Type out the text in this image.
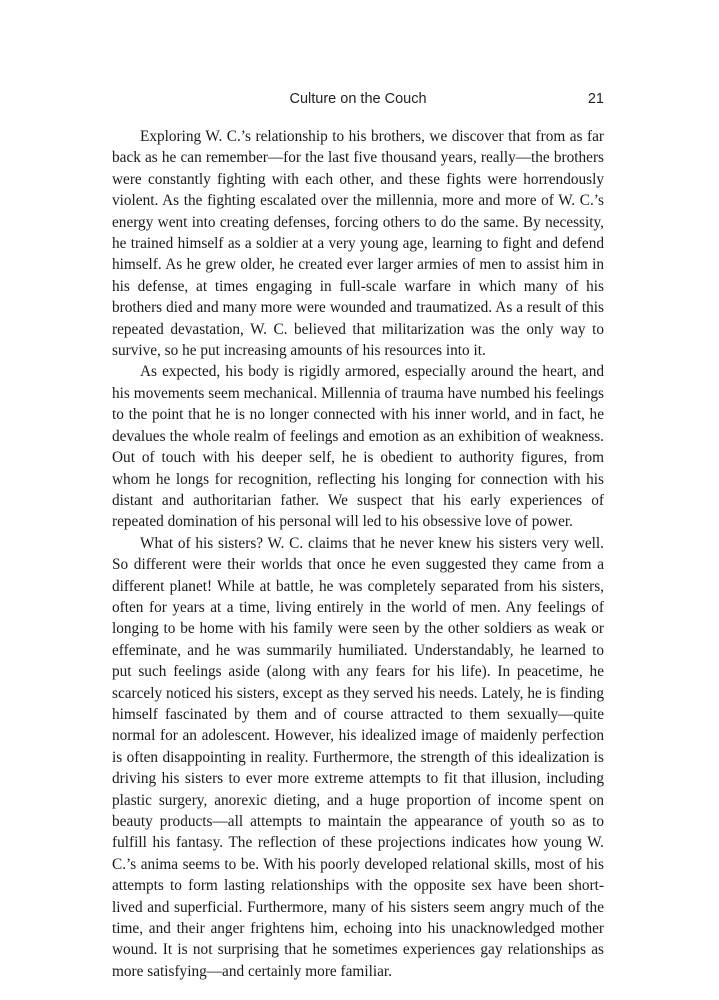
Culture on the Couch	21

Exploring W. C.’s relationship to his brothers, we discover that from as far back as he can remember—for the last five thousand years, really—the brothers were constantly fighting with each other, and these fights were horrendously violent. As the fighting escalated over the millennia, more and more of W. C.’s energy went into creating defenses, forcing others to do the same. By necessity, he trained himself as a soldier at a very young age, learning to fight and defend himself. As he grew older, he created ever larger armies of men to assist him in his defense, at times engaging in full-scale warfare in which many of his brothers died and many more were wounded and traumatized. As a result of this repeated devastation, W. C. believed that militarization was the only way to survive, so he put increasing amounts of his resources into it.

As expected, his body is rigidly armored, especially around the heart, and his movements seem mechanical. Millennia of trauma have numbed his feelings to the point that he is no longer connected with his inner world, and in fact, he devalues the whole realm of feelings and emotion as an exhibition of weakness. Out of touch with his deeper self, he is obedient to authority figures, from whom he longs for recognition, reflecting his longing for connection with his distant and authoritarian father. We suspect that his early experiences of repeated domination of his personal will led to his obsessive love of power.

What of his sisters? W. C. claims that he never knew his sisters very well. So different were their worlds that once he even suggested they came from a different planet! While at battle, he was completely separated from his sisters, often for years at a time, living entirely in the world of men. Any feelings of longing to be home with his family were seen by the other soldiers as weak or effeminate, and he was summarily humiliated. Understandably, he learned to put such feelings aside (along with any fears for his life). In peacetime, he scarcely noticed his sisters, except as they served his needs. Lately, he is finding himself fascinated by them and of course attracted to them sexually—quite normal for an adolescent. However, his idealized image of maidenly perfection is often disappointing in reality. Furthermore, the strength of this idealization is driving his sisters to ever more extreme attempts to fit that illusion, including plastic surgery, anorexic dieting, and a huge proportion of income spent on beauty products—all attempts to maintain the appearance of youth so as to fulfill his fantasy. The reflection of these projections indicates how young W. C.’s anima seems to be. With his poorly developed relational skills, most of his attempts to form lasting relationships with the opposite sex have been short-lived and superficial. Furthermore, many of his sisters seem angry much of the time, and their anger frightens him, echoing into his unacknowledged mother wound. It is not surprising that he sometimes experiences gay relationships as more satisfying—and certainly more familiar.
